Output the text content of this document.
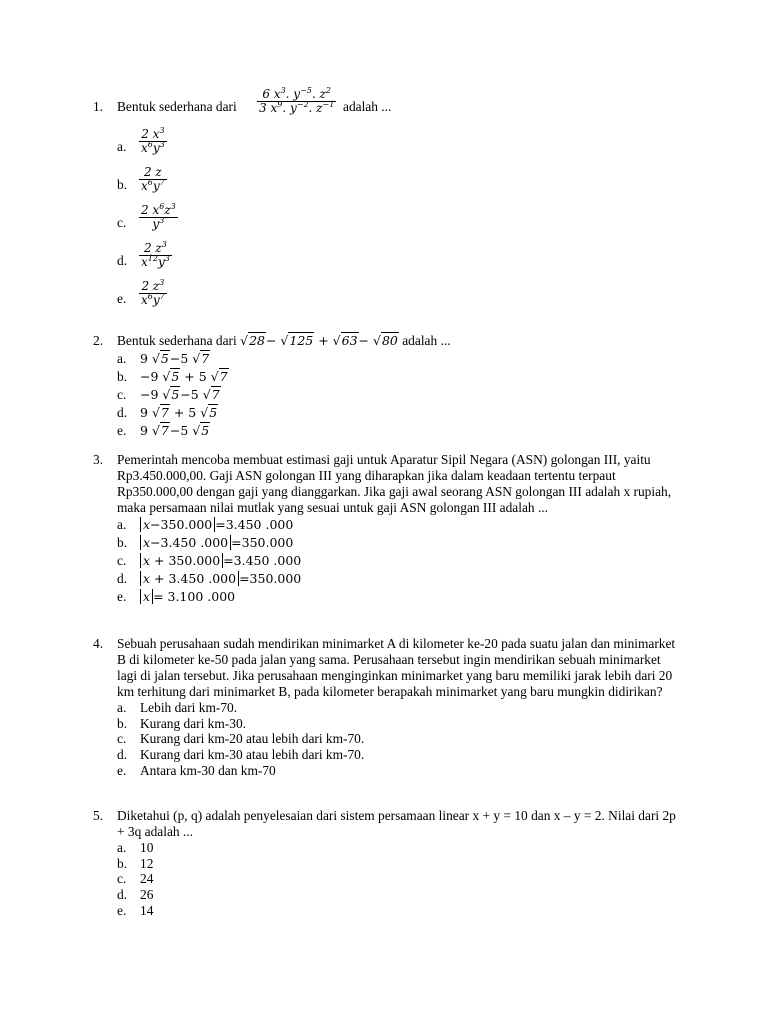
1.	Bentuk sederhana dari $\frac{6 x^3. y^{-5}. z^2}{3 x^9. y^{-2}. z^{-1}}$ adalah ...
a. $\frac{2 x^3}{x^6y^3}$
b. $\frac{2 z}{x^6y^7}$
c. $\frac{2 x^6z^3}{y^3}$
d. $\frac{2 z^3}{x^{12}y^3}$
e. $\frac{2 z^3}{x^6y^7}$
2.	Bentuk sederhana dari √28− √125 + √63− √80 adalah ...
a.	9 √5−5 √7
b.	−9 √5 + 5 √7
c.	−9 √5−5 √7
d.	9 √7 + 5 √5
e.	9 √7−5 √5
3.	Pemerintah mencoba membuat estimasi gaji untuk Aparatur Sipil Negara (ASN) golongan III, yaitu Rp3.450.000,00. Gaji ASN golongan III yang diharapkan jika dalam keadaan tertentu terpaut Rp350.000,00 dengan gaji yang dianggarkan. Jika gaji awal seorang ASN golongan III adalah x rupiah, maka persamaan nilai mutlak yang sesuai untuk gaji ASN golongan III adalah ...
a.	x−350.000 =3.450 .000
b.	x−3.450 .000 =350.000
c.	x + 350.000 =3.450 .000
d.	x + 3.450 .000 =350.000
e.	x = 3.100 .000
4.	Sebuah perusahaan sudah mendirikan minimarket A di kilometer ke-20 pada suatu jalan dan minimarket B di kilometer ke-50 pada jalan yang sama. Perusahaan tersebut ingin mendirikan sebuah minimarket lagi di jalan tersebut. Jika perusahaan menginginkan minimarket yang baru memiliki jarak lebih dari 20 km terhitung dari minimarket B, pada kilometer berapakah minimarket yang baru mungkin didirikan?
a.	Lebih dari km-70.
b. Kurang dari km-30.
c.	Kurang dari km-20 atau lebih dari km-70.
d. Kurang dari km-30 atau lebih dari km-70.
e.	Antara km-30 dan km-70
5.	Diketahui (p, q) adalah penyelesaian dari sistem persamaan linear x + y = 10 dan x – y = 2. Nilai dari 2p + 3q adalah ...
a.	10
b. 12
c.	24
d. 26
e.	14
